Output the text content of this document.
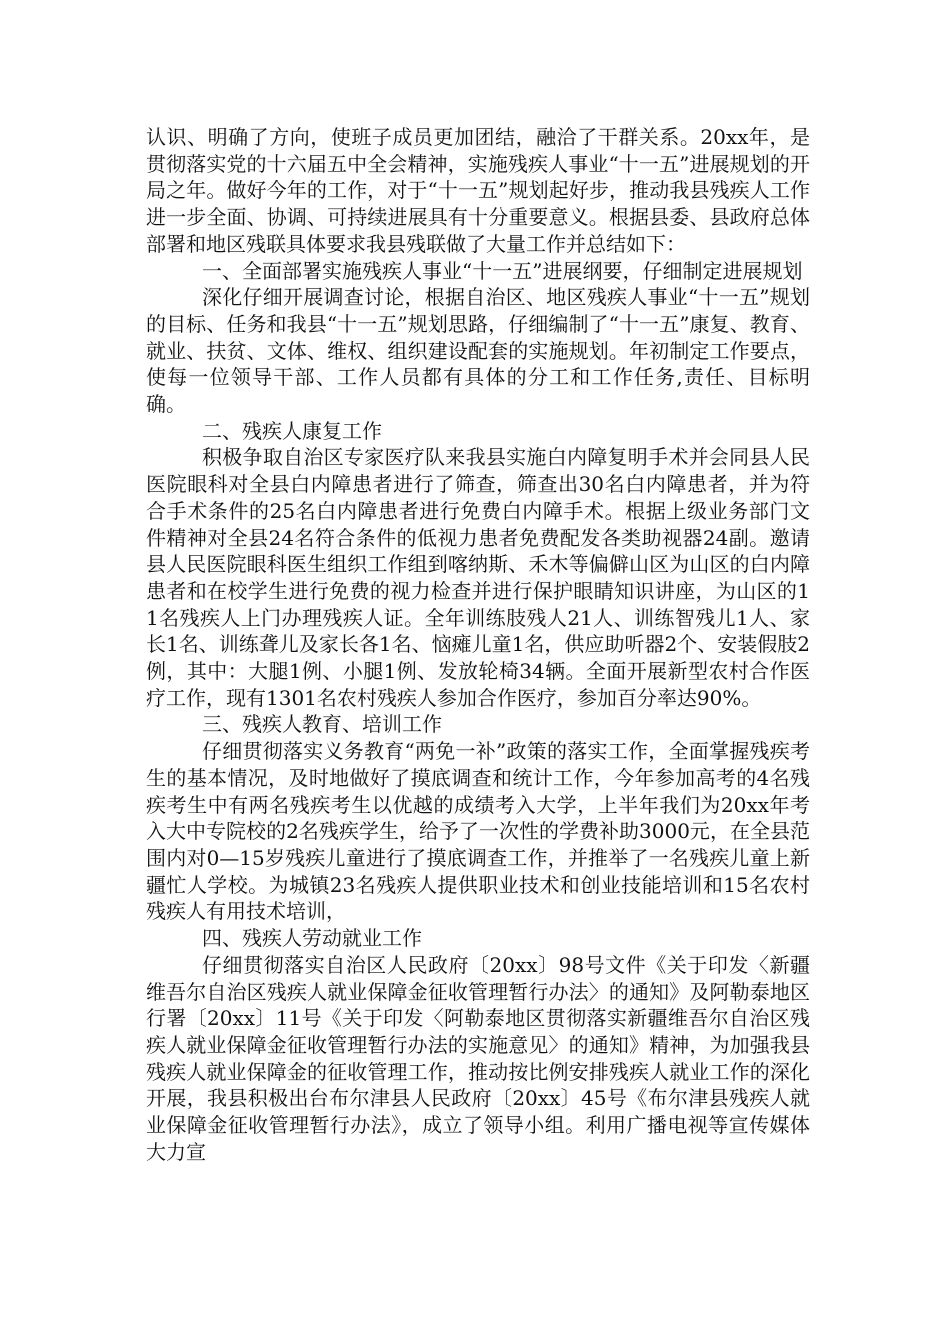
认识、明确了方向，使班子成员更加团结，融洽了干群关系。20xx年，是贯彻落实党的十六届五中全会精神，实施残疾人事业“十一五”进展规划的开局之年。做好今年的工作，对于“十一五”规划起好步，推动我县残疾人工作进一步全面、协调、可持续进展具有十分重要意义。根据县委、县政府总体部署和地区残联具体要求我县残联做了大量工作并总结如下：

一、全面部署实施残疾人事业“十一五”进展纲要，仔细制定进展规划

深化仔细开展调查讨论，根据自治区、地区残疾人事业“十一五”规划的目标、任务和我县“十一五”规划思路，仔细编制了“十一五”康复、教育、就业、扶贫、文体、维权、组织建设配套的实施规划。年初制定工作要点，使每一位领导干部、工作人员都有具体的分工和工作任务,责任、目标明确。

二、残疾人康复工作

积极争取自治区专家医疗队来我县实施白内障复明手术并会同县人民医院眼科对全县白内障患者进行了筛查，筛查出30名白内障患者，并为符合手术条件的25名白内障患者进行免费白内障手术。根据上级业务部门文件精神对全县24名符合条件的低视力患者免费配发各类助视器24副。邀请县人民医院眼科医生组织工作组到喀纳斯、禾木等偏僻山区为山区的白内障患者和在校学生进行免费的视力检查并进行保护眼睛知识讲座，为山区的11名残疾人上门办理残疾人证。全年训练肢残人21人、训练智残儿1人、家长1名、训练聋儿及家长各1名、恼瘫儿童1名，供应助听器2个、安装假肢2例，其中：大腿1例、小腿1例、发放轮椅34辆。全面开展新型农村合作医疗工作，现有1301名农村残疾人参加合作医疗，参加百分率达90%。

三、残疾人教育、培训工作

仔细贯彻落实义务教育“两免一补”政策的落实工作，全面掌握残疾考生的基本情况，及时地做好了摸底调查和统计工作，今年参加高考的4名残疾考生中有两名残疾考生以优越的成绩考入大学，上半年我们为20xx年考入大中专院校的2名残疾学生，给予了一次性的学费补助3000元，在全县范围内对0—15岁残疾儿童进行了摸底调查工作，并推举了一名残疾儿童上新疆忙人学校。为城镇23名残疾人提供职业技术和创业技能培训和15名农村残疾人有用技术培训，

四、残疾人劳动就业工作

仔细贯彻落实自治区人民政府〔20xx〕98号文件《关于印发〈新疆维吾尔自治区残疾人就业保障金征收管理暂行办法〉的通知》及阿勒泰地区行署〔20xx〕11号《关于印发〈阿勒泰地区贯彻落实新疆维吾尔自治区残疾人就业保障金征收管理暂行办法的实施意见〉的通知》精神，为加强我县残疾人就业保障金的征收管理工作，推动按比例安排残疾人就业工作的深化开展，我县积极出台布尔津县人民政府〔20xx〕45号《布尔津县残疾人就业保障金征收管理暂行办法》，成立了领导小组。利用广播电视等宣传媒体大力宣
